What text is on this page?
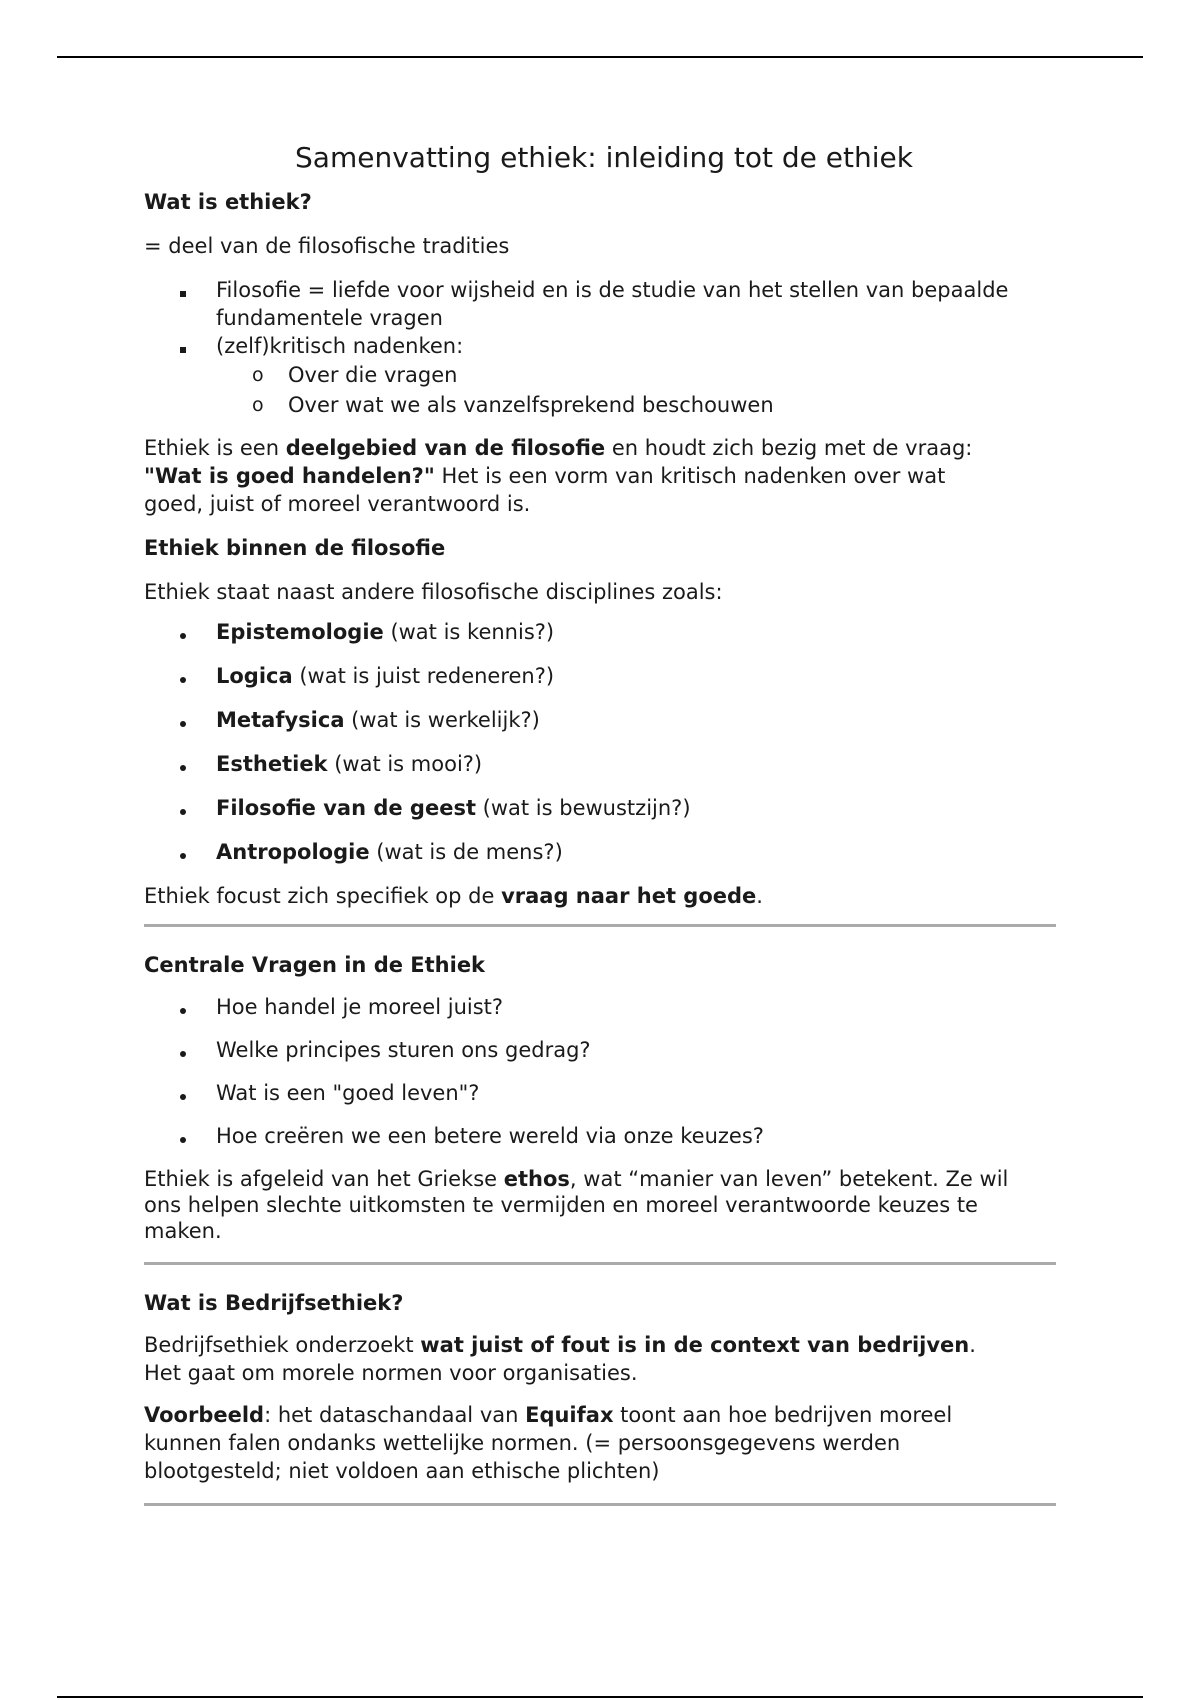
Samenvatting ethiek: inleiding tot de ethiek
Wat is ethiek?

= deel van de filosofische tradities

Filosofie = liefde voor wijsheid en is de studie van het stellen van bepaalde
fundamentele vragen
(zelf)kritisch nadenken:
o Over die vragen
o Over wat we als vanzelfsprekend beschouwen

Ethiek is een deelgebied van de filosofie en houdt zich bezig met de vraag:
"Wat is goed handelen?" Het is een vorm van kritisch nadenken over wat
goed, juist of moreel verantwoord is.

Ethiek binnen de filosofie

Ethiek staat naast andere filosofische disciplines zoals:

Epistemologie (wat is kennis?)
Logica (wat is juist redeneren?)
Metafysica (wat is werkelijk?)
Esthetiek (wat is mooi?)
Filosofie van de geest (wat is bewustzijn?)
Antropologie (wat is de mens?)

Ethiek focust zich specifiek op de vraag naar het goede.

Centrale Vragen in de Ethiek
Hoe handel je moreel juist?
Welke principes sturen ons gedrag?
Wat is een "goed leven"?
Hoe creëren we een betere wereld via onze keuzes?

Ethiek is afgeleid van het Griekse ethos, wat “manier van leven” betekent. Ze wil
ons helpen slechte uitkomsten te vermijden en moreel verantwoorde keuzes te
maken.

Wat is Bedrijfsethiek?

Bedrijfsethiek onderzoekt wat juist of fout is in de context van bedrijven.
Het gaat om morele normen voor organisaties.

Voorbeeld: het dataschandaal van Equifax toont aan hoe bedrijven moreel
kunnen falen ondanks wettelijke normen. (= persoonsgegevens werden
blootgesteld; niet voldoen aan ethische plichten)
